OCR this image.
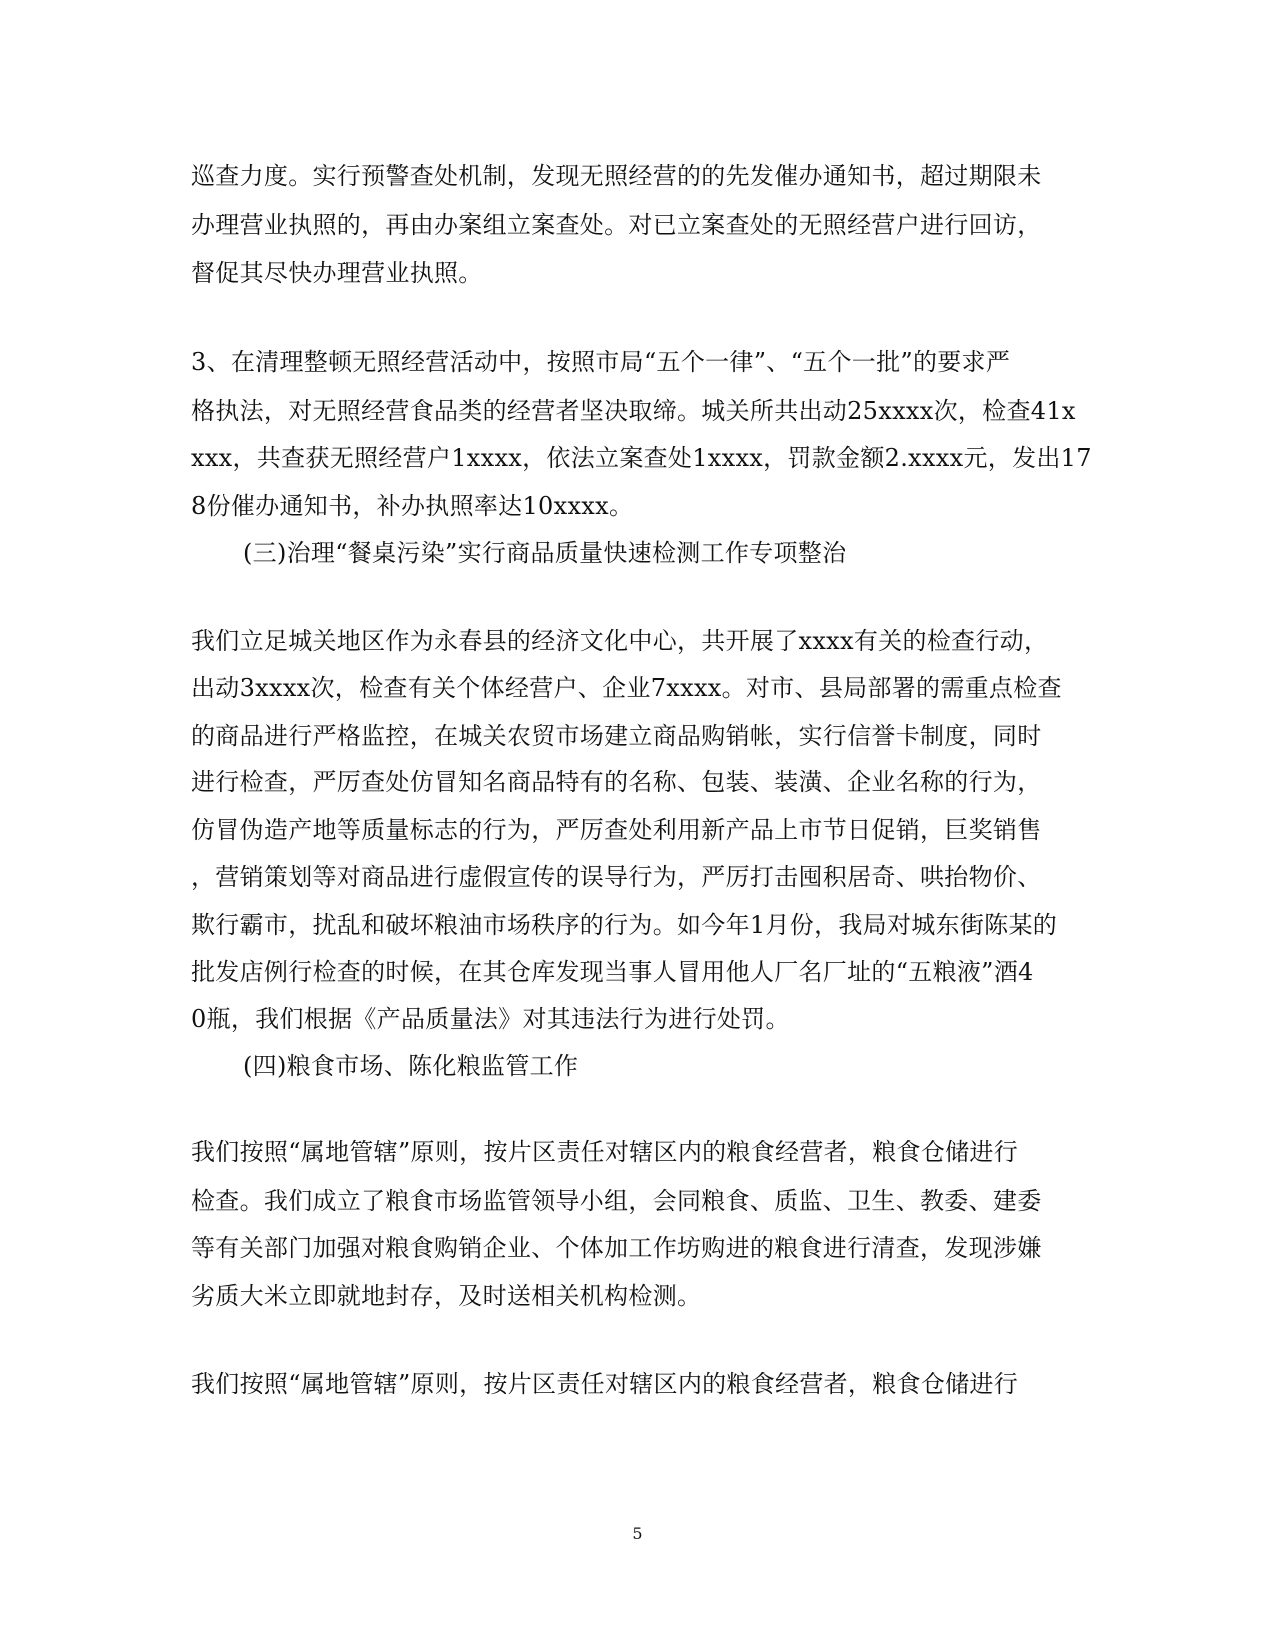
巡查力度。实行预警查处机制，发现无照经营的的先发催办通知书，超过期限未
办理营业执照的，再由办案组立案查处。对已立案查处的无照经营户进行回访，
督促其尽快办理营业执照。
3、在清理整顿无照经营活动中，按照市局“五个一律”、“五个一批”的要求严
格执法，对无照经营食品类的经营者坚决取缔。城关所共出动25xxxx次，检查41x
xxx，共查获无照经营户1xxxx，依法立案查处1xxxx，罚款金额2.xxxx元，发出17
8份催办通知书，补办执照率达10xxxx。
(三)治理“餐桌污染”实行商品质量快速检测工作专项整治
我们立足城关地区作为永春县的经济文化中心，共开展了xxxx有关的检查行动，
出动3xxxx次，检查有关个体经营户、企业7xxxx。对市、县局部署的需重点检查
的商品进行严格监控，在城关农贸市场建立商品购销帐，实行信誉卡制度，同时
进行检查，严厉查处仿冒知名商品特有的名称、包装、装潢、企业名称的行为，
仿冒伪造产地等质量标志的行为，严厉查处利用新产品上市节日促销，巨奖销售
，营销策划等对商品进行虚假宣传的误导行为，严厉打击囤积居奇、哄抬物价、
欺行霸市，扰乱和破坏粮油市场秩序的行为。如今年1月份，我局对城东街陈某的
批发店例行检查的时候，在其仓库发现当事人冒用他人厂名厂址的“五粮液”酒4
0瓶，我们根据《产品质量法》对其违法行为进行处罚。
(四)粮食市场、陈化粮监管工作
我们按照“属地管辖”原则，按片区责任对辖区内的粮食经营者，粮食仓储进行
检查。我们成立了粮食市场监管领导小组，会同粮食、质监、卫生、教委、建委
等有关部门加强对粮食购销企业、个体加工作坊购进的粮食进行清查，发现涉嫌
劣质大米立即就地封存，及时送相关机构检测。
我们按照“属地管辖”原则，按片区责任对辖区内的粮食经营者，粮食仓储进行
5
